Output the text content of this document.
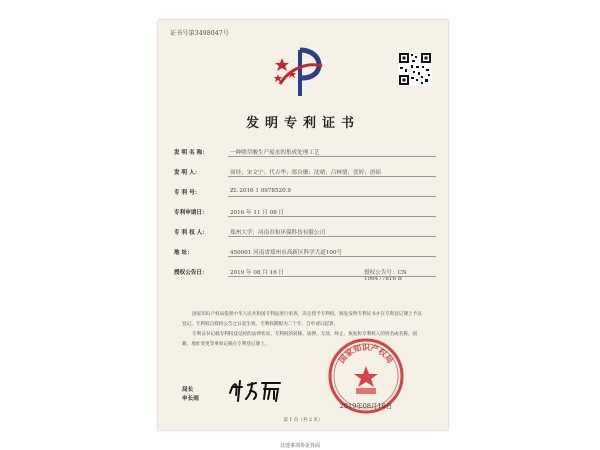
证书号第3498047号
发明专利证书
发 明 名 称：	一种喷草酸生产废水的集成处理工艺
发 明 人：	周桂；宋文宁；代吉华；郑自珊；沈晴；吕林情；张婷；唐碚
专 利 号：	ZL 2016 1 0978520.9
专利申请日：	2016 年 11 月 08 日
专 利 权 人：	郑州大学；河南君和环保科技有限公司
地 址：	450001 河南省郑州市高新区科学大道100号
授权公告日：	2019 年 08 月 16 日	授权公告号：CN 106477816 B

国家知识产权局依照中华人民共和国专利法进行审查，决定授予专利权，颁发发明专利证书并在专利登记簿上予以登记。专利权自授权公告之日起生效。专利权期限为二十年，自申请日起算。

专利证书记载专利权登记时的法律状况。专利权的转移、质押、无效、终止、恢复和专利权人的姓名或名称、国籍、地址变更等事项记载在专利登记簿上。

局长
申长雨
国家知识产权局
2019年08月16日
第 1 页（共 2 页）
其他事项参见背面
